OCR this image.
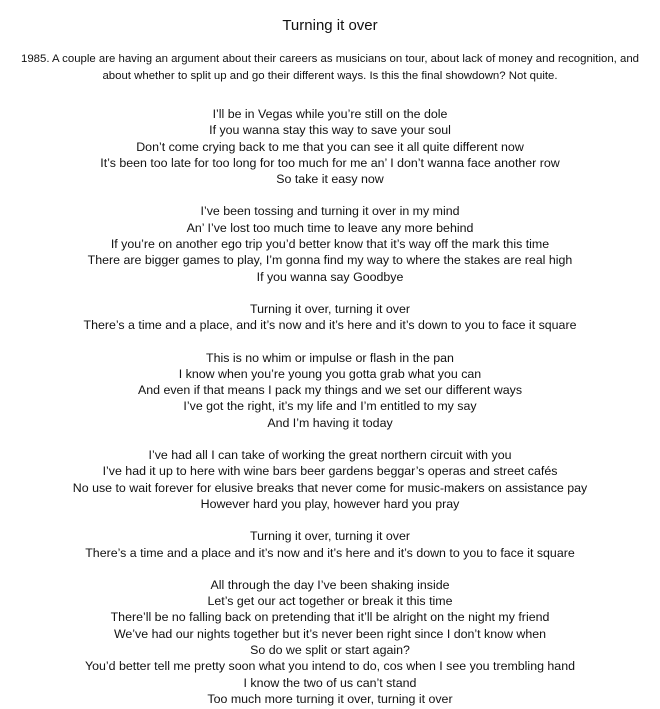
Turning it over
1985. A couple are having an argument about their careers as musicians on tour, about lack of money and recognition, and about whether to split up and go their different ways. Is this the final showdown? Not quite.
I’ll be in Vegas while you’re still on the dole
If you wanna stay this way to save your soul
Don’t come crying back to me that you can see it all quite different now
It’s been too late for too long for too much for me an’ I don’t wanna face another row
So take it easy now
I’ve been tossing and turning it over in my mind
An’ I’ve lost too much time to leave any more behind
If you’re on another ego trip you’d better know that it’s way off the mark this time
There are bigger games to play, I’m gonna find my way to where the stakes are real high
If you wanna say Goodbye
Turning it over, turning it over
There’s a time and a place, and it’s now and it’s here and it’s down to you to face it square
This is no whim or impulse or flash in the pan
I know when you’re young you gotta grab what you can
And even if that means I pack my things and we set our different ways
I’ve got the right, it’s my life and I’m entitled to my say
And I’m having it today
I’ve had all I can take of working the great northern circuit with you
I’ve had it up to here with wine bars beer gardens beggar’s operas and street cafés
No use to wait forever for elusive breaks that never come for music-makers on assistance pay
However hard you play, however hard you pray
Turning it over, turning it over
There’s a time and a place and it’s now and it’s here and it’s down to you to face it square
All through the day I’ve been shaking inside
Let’s get our act together or break it this time
There’ll be no falling back on pretending that it’ll be alright on the night my friend
We’ve had our nights together but it’s never been right since I don’t know when
So do we split or start again?
You’d better tell me pretty soon what you intend to do, cos when I see you trembling hand
I know the two of us can’t stand
Too much more turning it over, turning it over
